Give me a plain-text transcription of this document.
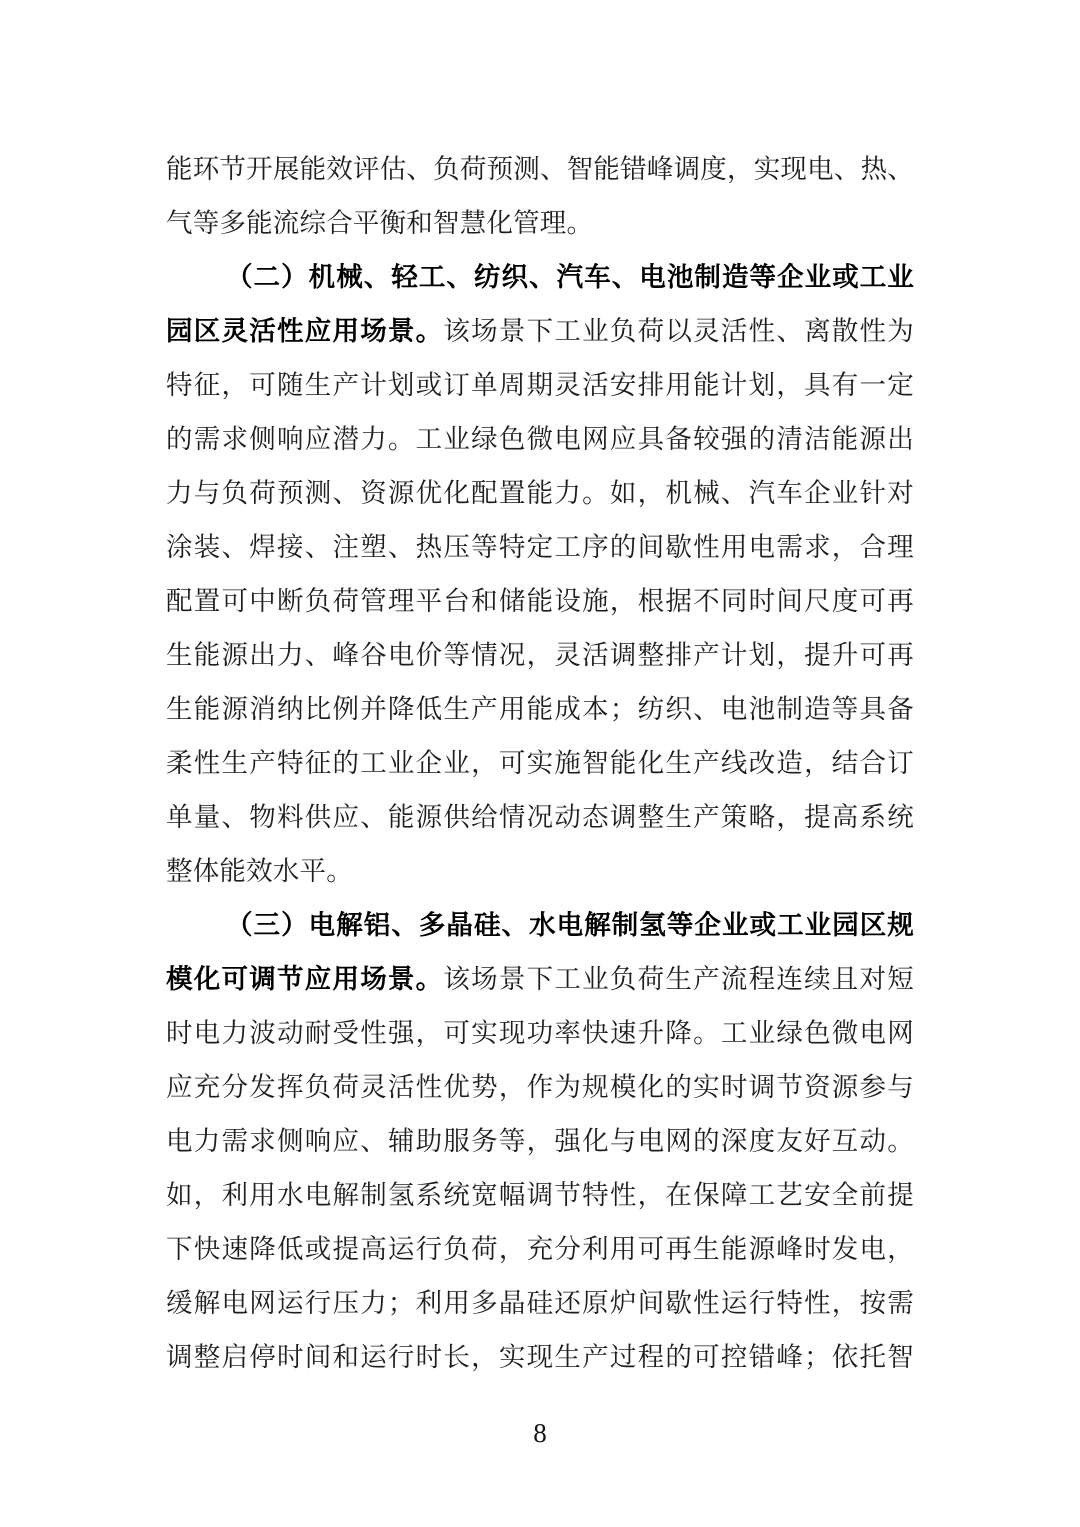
能环节开展能效评估、负荷预测、智能错峰调度，实现电、热、
气等多能流综合平衡和智慧化管理。
（二）机械、轻工、纺织、汽车、电池制造等企业或工业
园区灵活性应用场景。该场景下工业负荷以灵活性、离散性为
特征，可随生产计划或订单周期灵活安排用能计划，具有一定
的需求侧响应潜力。工业绿色微电网应具备较强的清洁能源出
力与负荷预测、资源优化配置能力。如，机械、汽车企业针对
涂装、焊接、注塑、热压等特定工序的间歇性用电需求，合理
配置可中断负荷管理平台和储能设施，根据不同时间尺度可再
生能源出力、峰谷电价等情况，灵活调整排产计划，提升可再
生能源消纳比例并降低生产用能成本；纺织、电池制造等具备
柔性生产特征的工业企业，可实施智能化生产线改造，结合订
单量、物料供应、能源供给情况动态调整生产策略，提高系统
整体能效水平。
（三）电解铝、多晶硅、水电解制氢等企业或工业园区规
模化可调节应用场景。该场景下工业负荷生产流程连续且对短
时电力波动耐受性强，可实现功率快速升降。工业绿色微电网
应充分发挥负荷灵活性优势，作为规模化的实时调节资源参与
电力需求侧响应、辅助服务等，强化与电网的深度友好互动。
如，利用水电解制氢系统宽幅调节特性，在保障工艺安全前提
下快速降低或提高运行负荷，充分利用可再生能源峰时发电，
缓解电网运行压力；利用多晶硅还原炉间歇性运行特性，按需
调整启停时间和运行时长，实现生产过程的可控错峰；依托智
8
